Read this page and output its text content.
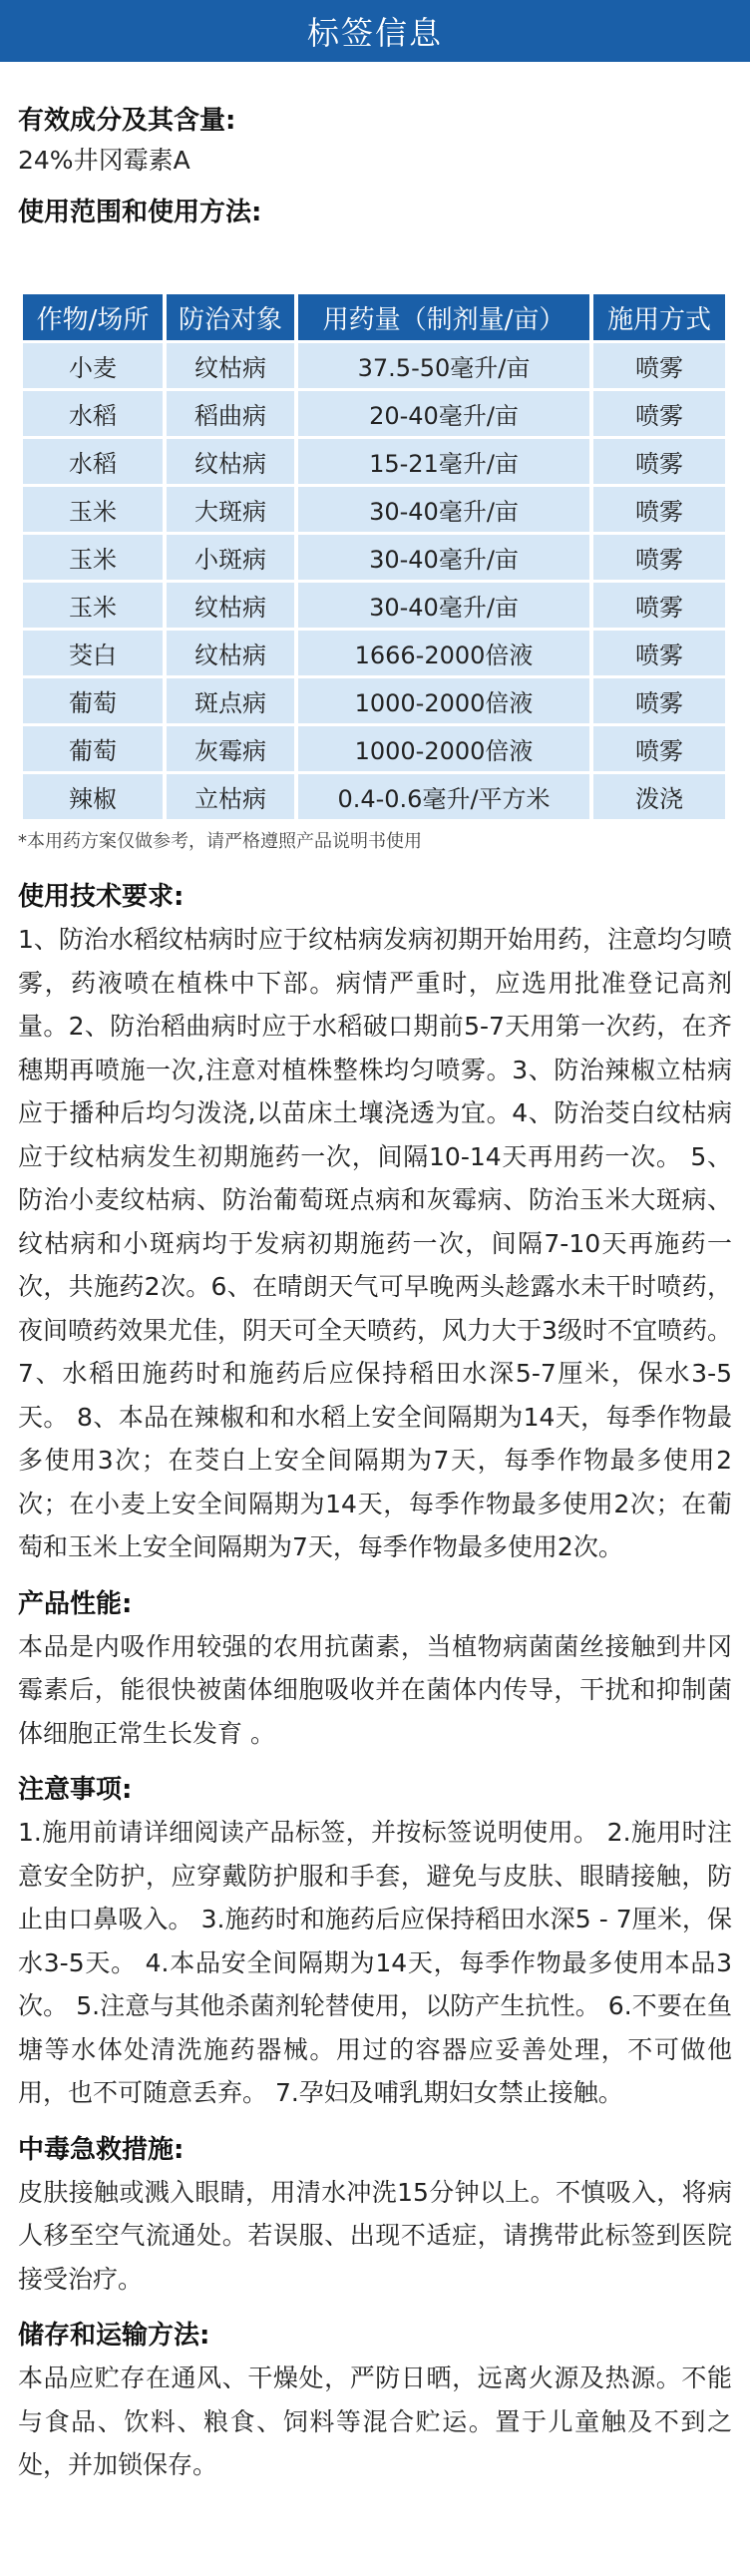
标签信息

有效成分及其含量:

24%井冈霉素A

使用范围和使用方法:

作物/场所	防治对象	用药量（制剂量/亩）	施用方式
小麦	纹枯病	37.5-50毫升/亩	喷雾
水稻	稻曲病	20-40毫升/亩	喷雾
水稻	纹枯病	15-21毫升/亩	喷雾
玉米	大斑病	30-40毫升/亩	喷雾
玉米	小斑病	30-40毫升/亩	喷雾
玉米	纹枯病	30-40毫升/亩	喷雾
茭白	纹枯病	1666-2000倍液	喷雾
葡萄	斑点病	1000-2000倍液	喷雾
葡萄	灰霉病	1000-2000倍液	喷雾
辣椒	立枯病	0.4-0.6毫升/平方米	泼浇

*本用药方案仅做参考，请严格遵照产品说明书使用

使用技术要求:

1、防治水稻纹枯病时应于纹枯病发病初期开始用药，注意均匀喷雾，药液喷在植株中下部。病情严重时，应选用批准登记高剂量。2、防治稻曲病时应于水稻破口期前5-7天用第一次药，在齐穗期再喷施一次,注意对植株整株均匀喷雾。3、防治辣椒立枯病应于播种后均匀泼浇,以苗床土壤浇透为宜。4、防治茭白纹枯病应于纹枯病发生初期施药一次，间隔10-14天再用药一次。 5、防治小麦纹枯病、防治葡萄斑点病和灰霉病、防治玉米大斑病、纹枯病和小斑病均于发病初期施药一次，间隔7-10天再施药一次，共施药2次。6、在晴朗天气可早晚两头趁露水未干时喷药，夜间喷药效果尤佳，阴天可全天喷药，风力大于3级时不宜喷药。7、水稻田施药时和施药后应保持稻田水深5-7厘米，保水3-5天。 8、本品在辣椒和和水稻上安全间隔期为14天，每季作物最多使用3次；在茭白上安全间隔期为7天，每季作物最多使用2次；在小麦上安全间隔期为14天，每季作物最多使用2次；在葡萄和玉米上安全间隔期为7天，每季作物最多使用2次。

产品性能:

本品是内吸作用较强的农用抗菌素，当植物病菌菌丝接触到井冈霉素后，能很快被菌体细胞吸收并在菌体内传导，干扰和抑制菌体细胞正常生长发育 。

注意事项:

1.施用前请详细阅读产品标签，并按标签说明使用。 2.施用时注意安全防护，应穿戴防护服和手套，避免与皮肤、眼睛接触，防止由口鼻吸入。 3.施药时和施药后应保持稻田水深5 - 7厘米，保水3-5天。 4.本品安全间隔期为14天，每季作物最多使用本品3次。 5.注意与其他杀菌剂轮替使用，以防产生抗性。 6.不要在鱼塘等水体处清洗施药器械。用过的容器应妥善处理，不可做他用，也不可随意丢弃。 7.孕妇及哺乳期妇女禁止接触。

中毒急救措施:

皮肤接触或溅入眼睛，用清水冲洗15分钟以上。不慎吸入，将病人移至空气流通处。若误服、出现不适症，请携带此标签到医院接受治疗。

储存和运输方法:

本品应贮存在通风、干燥处，严防日晒，远离火源及热源。不能与食品、饮料、粮食、饲料等混合贮运。置于儿童触及不到之处，并加锁保存。
